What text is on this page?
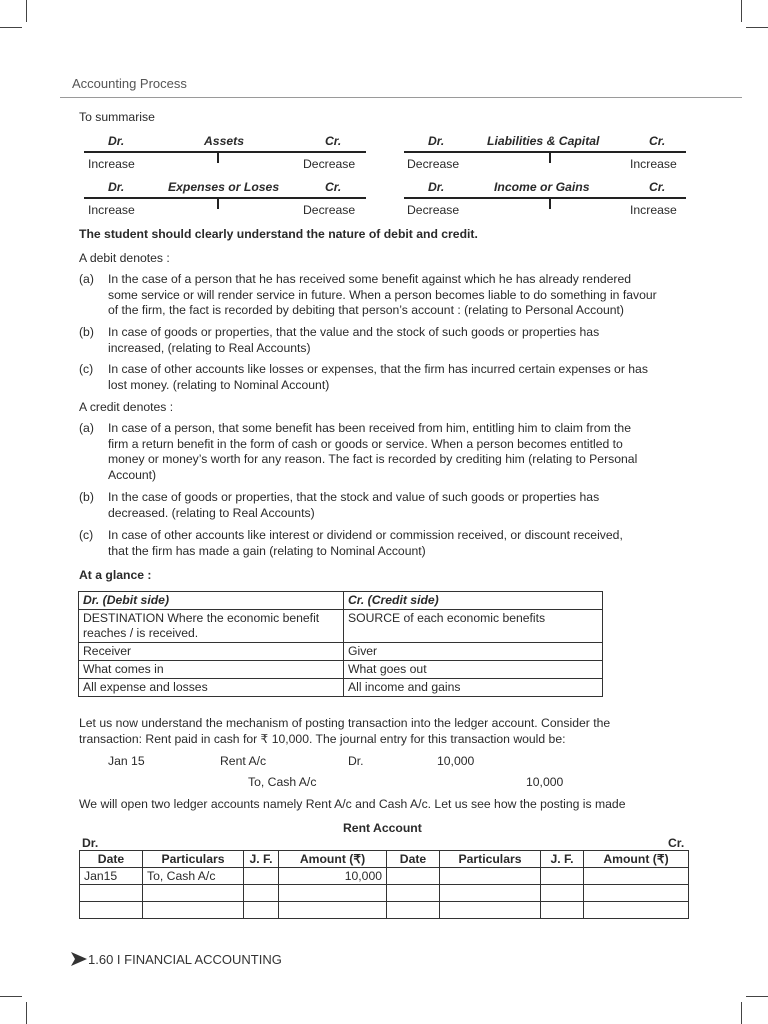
Accounting Process
To summarise
Dr.	Assets	Cr.
Increase	Decrease
Dr.	Liabilities & Capital	Cr.
Decrease	Increase
Dr.	Expenses or Loses	Cr.
Increase	Decrease
Dr.	Income or Gains	Cr.
Decrease	Increase
The student should clearly understand the nature of debit and credit.
A debit denotes :
(a) In the case of a person that he has received some benefit against which he has already rendered
some service or will render service in future. When a person becomes liable to do something in favour
of the firm, the fact is recorded by debiting that person’s account : (relating to Personal Account)
(b) In case of goods or properties, that the value and the stock of such goods or properties has
increased, (relating to Real Accounts)
(c) In case of other accounts like losses or expenses, that the firm has incurred certain expenses or has
lost money. (relating to Nominal Account)
A credit denotes :
(a) In case of a person, that some benefit has been received from him, entitling him to claim from the
firm a return benefit in the form of cash or goods or service. When a person becomes entitled to
money or money’s worth for any reason. The fact is recorded by crediting him (relating to Personal
Account)
(b) In the case of goods or properties, that the stock and value of such goods or properties has
decreased. (relating to Real Accounts)
(c) In case of other accounts like interest or dividend or commission received, or discount received,
that the firm has made a gain (relating to Nominal Account)
At a glance :
Dr. (Debit side)	Cr. (Credit side)
DESTINATION Where the economic benefit reaches / is received.	SOURCE of each economic benefits
Receiver	Giver
What comes in	What goes out
All expense and losses	All income and gains
Let us now understand the mechanism of posting transaction into the ledger account. Consider the
transaction: Rent paid in cash for ₹ 10,000. The journal entry for this transaction would be:
Jan 15	Rent A/c	Dr.	10,000
To, Cash A/c	10,000
We will open two ledger accounts namely Rent A/c and Cash A/c. Let us see how the posting is made
Rent Account
Dr.	Cr.
Date	Particulars	J. F.	Amount (₹)	Date	Particulars	J. F.	Amount (₹)
Jan15	To, Cash A/c		10,000				

1.60 I FINANCIAL ACCOUNTING
